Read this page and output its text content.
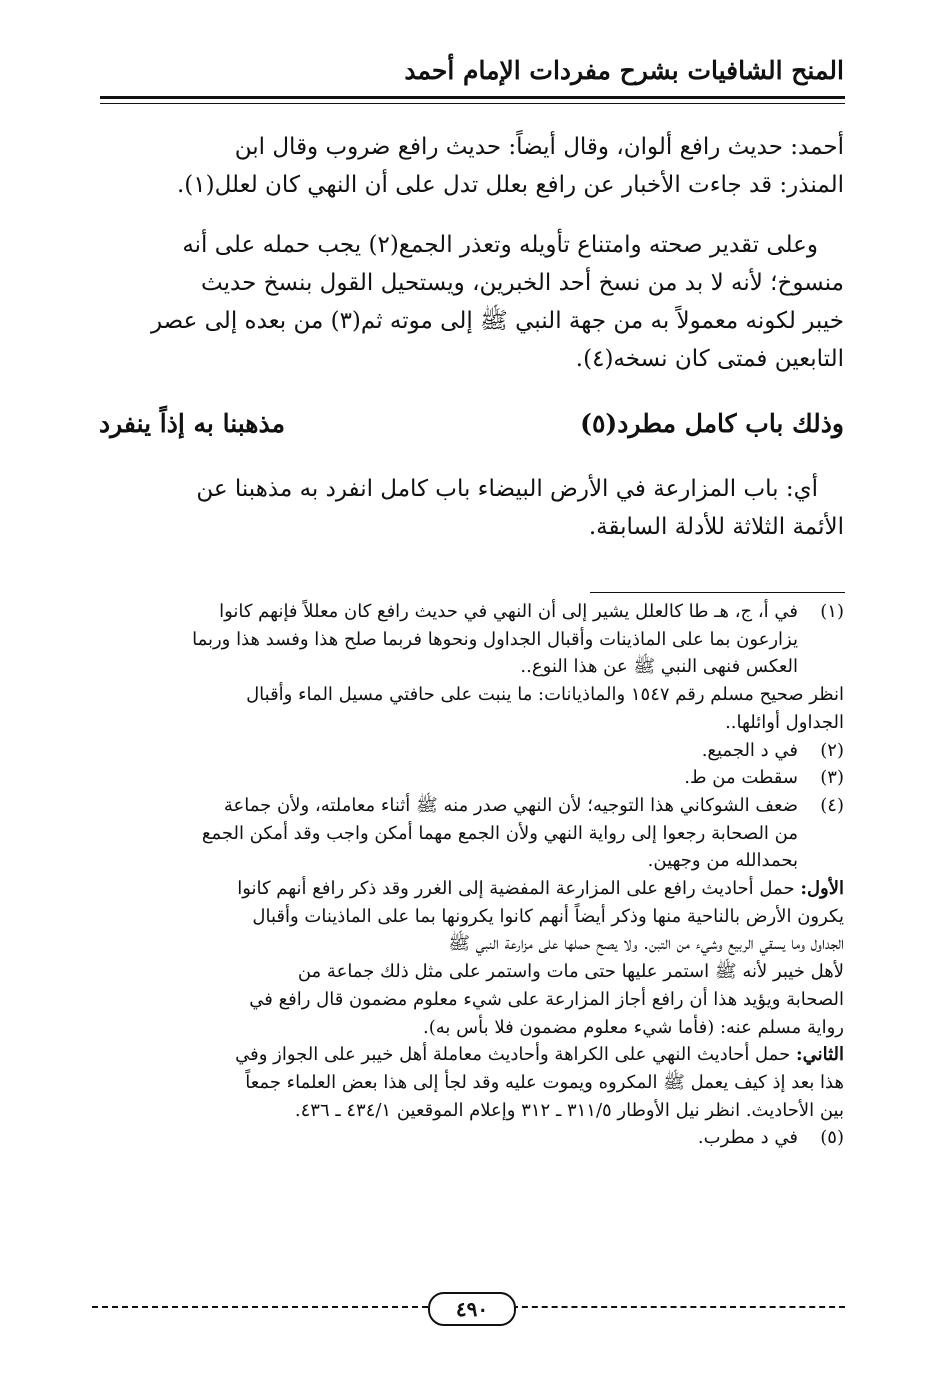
المنح الشافيات بشرح مفردات الإمام أحمد

أحمد: حديث رافع ألوان، وقال أيضاً: حديث رافع ضروب وقال ابن

المنذر: قد جاءت الأخبار عن رافع بعلل تدل على أن النهي كان لعلل(١).

وعلى تقدير صحته وامتناع تأويله وتعذر الجمع(٢) يجب حمله على أنه

منسوخ؛ لأنه لا بد من نسخ أحد الخبرين، ويستحيل القول بنسخ حديث

خيبر لكونه معمولاً به من جهة النبي ﷺ إلى موته ثم(٣) من بعده إلى عصر

التابعين فمتى كان نسخه(٤).

وذلك باب كامل مطرد(٥)
مذهبنا به إذاً ينفرد

أي: باب المزارعة في الأرض البيضاء باب كامل انفرد به مذهبنا عن

الأئمة الثلاثة للأدلة السابقة.

(١)

في أ، ج، هـ طا كالعلل يشير إلى أن النهي في حديث رافع كان معللاً فإنهم كانوا

يزارعون بما على الماذينات وأقبال الجداول ونحوها فربما صلح هذا وفسد هذا وربما

العكس فنهى النبي ﷺ عن هذا النوع..

انظر صحيح مسلم رقم ١٥٤٧ والماذيانات: ما ينبت على حافتي مسيل الماء وأقبال

الجداول أوائلها..

(٢)

في د الجميع.

(٣)

سقطت من ط.

(٤)

ضعف الشوكاني هذا التوجيه؛ لأن النهي صدر منه ﷺ أثناء معاملته، ولأن جماعة

من الصحابة رجعوا إلى رواية النهي ولأن الجمع مهما أمكن واجب وقد أمكن الجمع

بحمدالله من وجهين.

الأول: حمل أحاديث رافع على المزارعة المفضية إلى الغرر وقد ذكر رافع أنهم كانوا

يكرون الأرض بالناحية منها وذكر أيضاً أنهم كانوا يكرونها بما على الماذينات وأقبال

الجداول وما يسقي الربيع وشيء من التبن. ولا يصح حملها على مزارعة النبي ﷺ

لأهل خيبر لأنه ﷺ استمر عليها حتى مات واستمر على مثل ذلك جماعة من

الصحابة ويؤيد هذا أن رافع أجاز المزارعة على شيء معلوم مضمون قال رافع في

رواية مسلم عنه: (فأما شيء معلوم مضمون فلا بأس به).

الثاني: حمل أحاديث النهي على الكراهة وأحاديث معاملة أهل خيبر على الجواز وفي

هذا بعد إذ كيف يعمل ﷺ المكروه ويموت عليه وقد لجأ إلى هذا بعض العلماء جمعاً

بين الأحاديث. انظر نيل الأوطار ٣١١/٥ ـ ٣١٢ وإعلام الموقعين ٤٣٤/١ ـ ٤٣٦.

(٥)

في د مطرب.

٤٩٠
